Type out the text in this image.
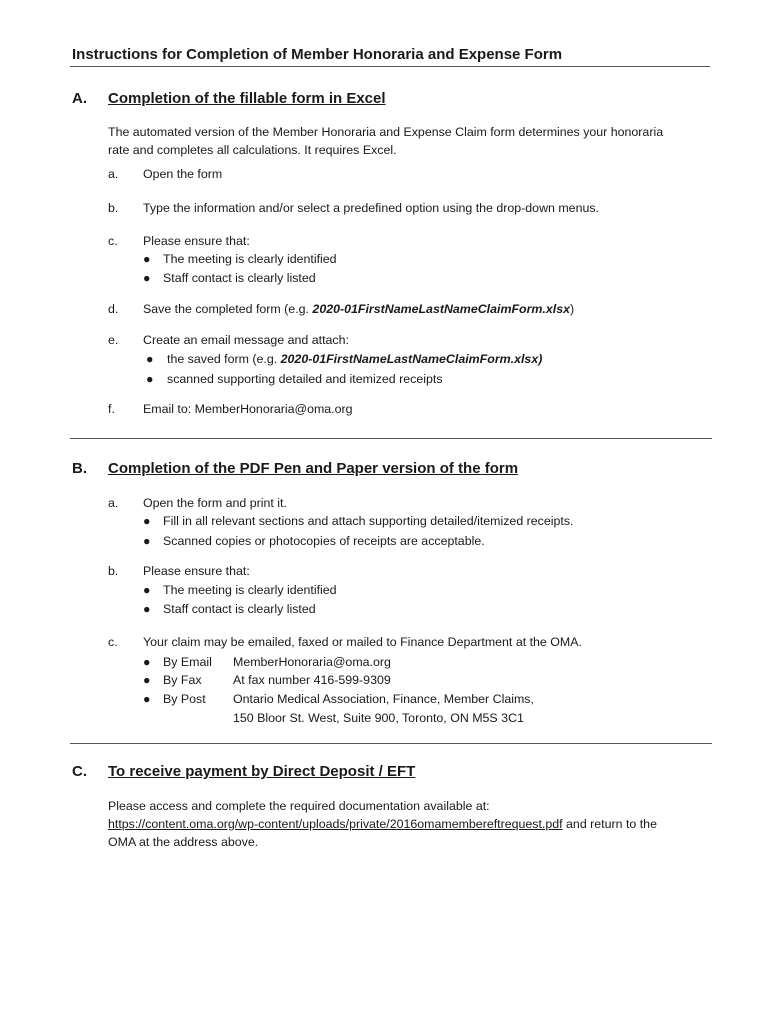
Instructions for Completion of Member Honoraria and Expense Form
A. Completion of the fillable form in Excel
The automated version of the Member Honoraria and Expense Claim form determines your honoraria
rate and completes all calculations. It requires Excel.
a. Open the form
b. Type the information and/or select a predefined option using the drop-down menus.
c. Please ensure that:
● The meeting is clearly identified
● Staff contact is clearly listed
d. Save the completed form (e.g. 2020-01FirstNameLastNameClaimForm.xlsx)
e. Create an email message and attach:
● the saved form (e.g. 2020-01FirstNameLastNameClaimForm.xlsx)
● scanned supporting detailed and itemized receipts
f. Email to: MemberHonoraria@oma.org
B. Completion of the PDF Pen and Paper version of the form
a. Open the form and print it.
● Fill in all relevant sections and attach supporting detailed/itemized receipts.
● Scanned copies or photocopies of receipts are acceptable.
b. Please ensure that:
● The meeting is clearly identified
● Staff contact is clearly listed
c. Your claim may be emailed, faxed or mailed to Finance Department at the OMA.
● By Email MemberHonoraria@oma.org
● By Fax	At fax number 416-599-9309
● By Post Ontario Medical Association, Finance, Member Claims,
150 Bloor St. West, Suite 900, Toronto, ON M5S 3C1
C. To receive payment by Direct Deposit / EFT
Please access and complete the required documentation available at:
https://content.oma.org/wp-content/uploads/private/2016omamembereftrequest.pdf and return to the
OMA at the address above.
